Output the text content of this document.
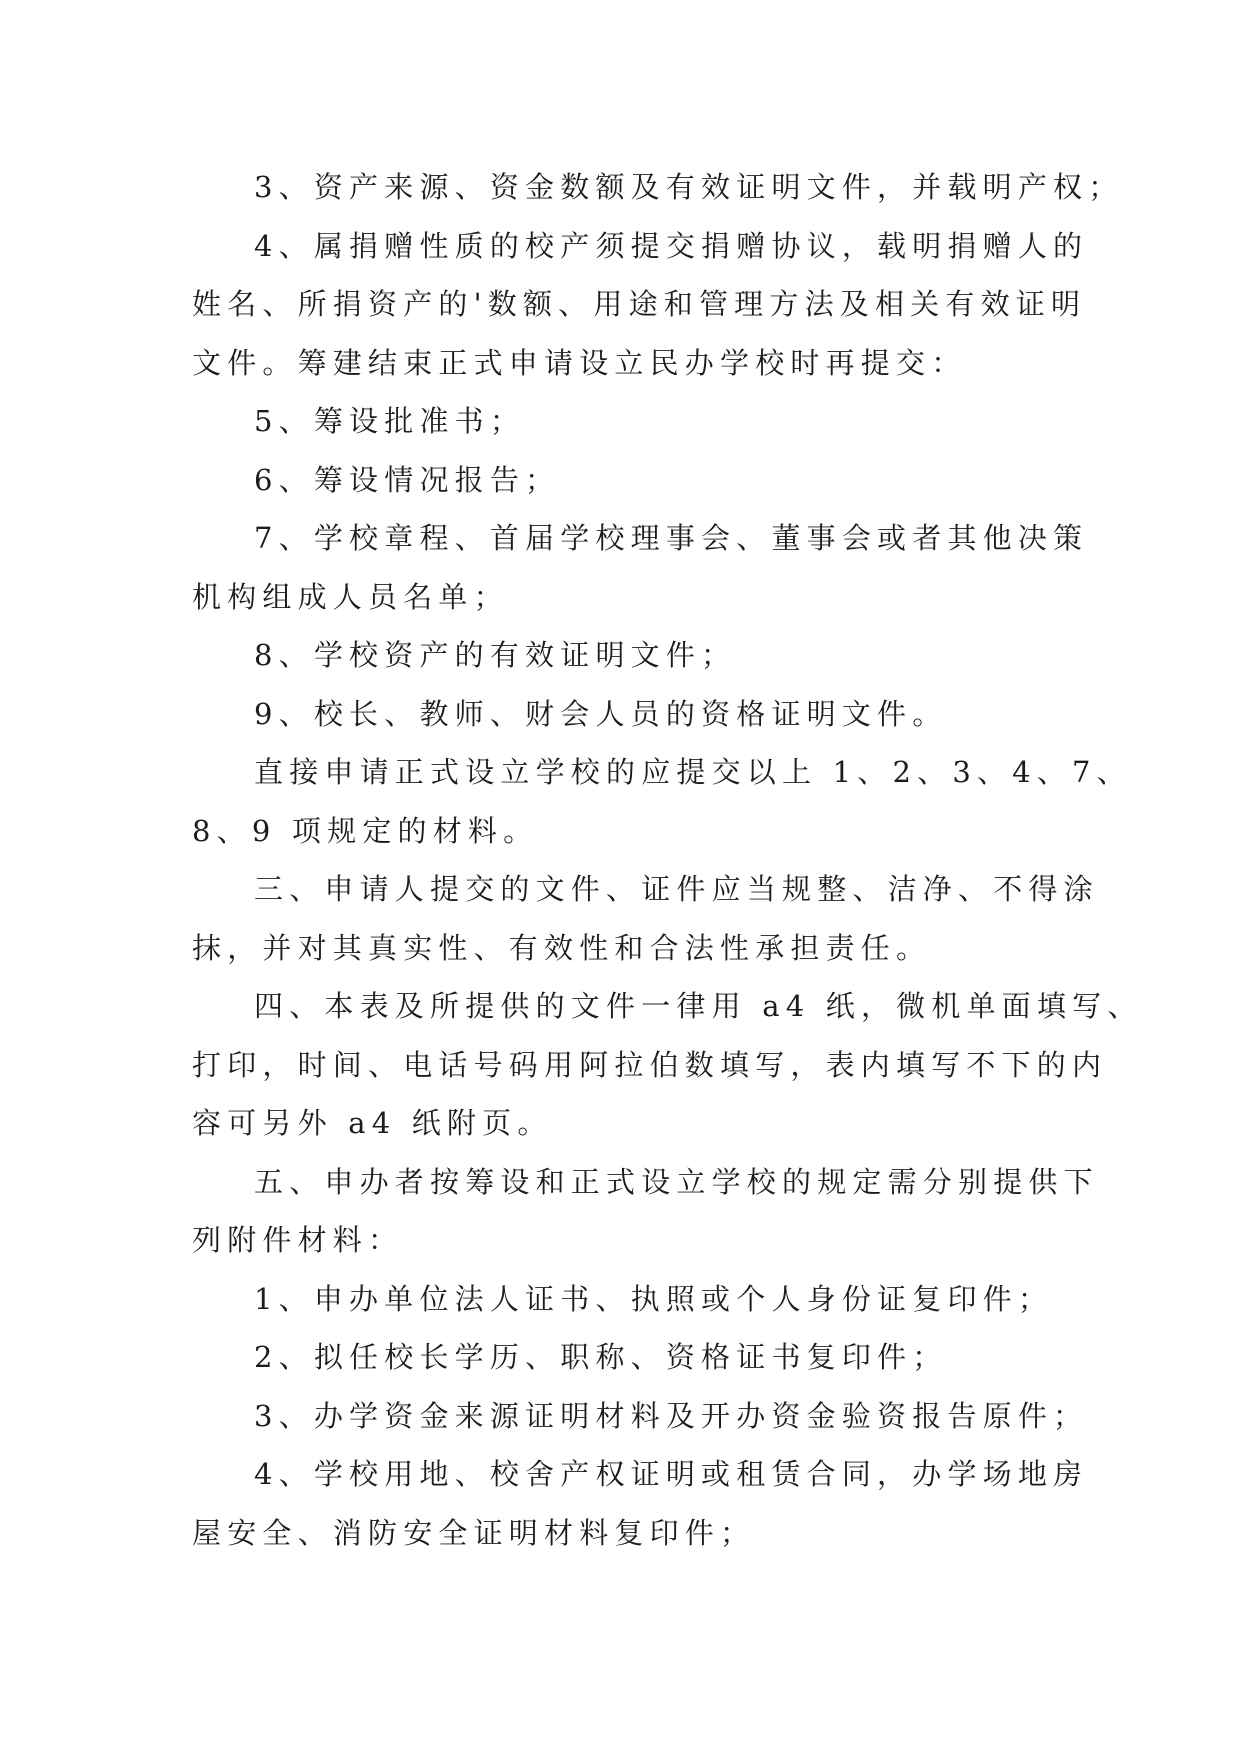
3、资产来源、资金数额及有效证明文件，并载明产权；

4、属捐赠性质的校产须提交捐赠协议，载明捐赠人的
姓名、所捐资产的'数额、用途和管理方法及相关有效证明
文件。筹建结束正式申请设立民办学校时再提交：

5、筹设批准书；

6、筹设情况报告；

7、学校章程、首届学校理事会、董事会或者其他决策
机构组成人员名单；

8、学校资产的有效证明文件；

9、校长、教师、财会人员的资格证明文件。

直接申请正式设立学校的应提交以上 1、2、3、4、7、
8、9 项规定的材料。

三、申请人提交的文件、证件应当规整、洁净、不得涂
抹，并对其真实性、有效性和合法性承担责任。

四、本表及所提供的文件一律用 a4 纸，微机单面填写、
打印，时间、电话号码用阿拉伯数填写，表内填写不下的内
容可另外 a4 纸附页。

五、申办者按筹设和正式设立学校的规定需分别提供下
列附件材料：

1、申办单位法人证书、执照或个人身份证复印件；

2、拟任校长学历、职称、资格证书复印件；

3、办学资金来源证明材料及开办资金验资报告原件；

4、学校用地、校舍产权证明或租赁合同，办学场地房
屋安全、消防安全证明材料复印件；
